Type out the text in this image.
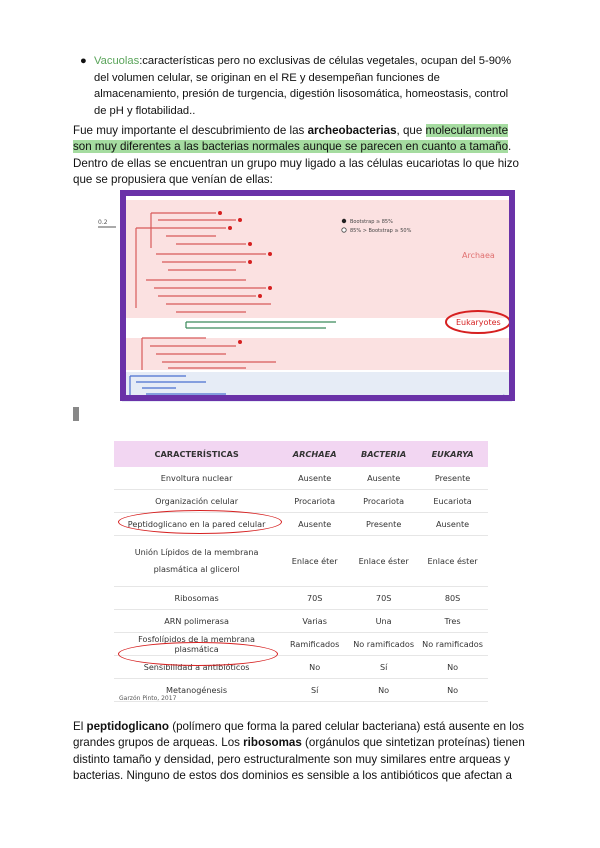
● Vacuolas:características pero no exclusivas de células vegetales, ocupan del 5-90% del volumen celular, se originan en el RE y desempeñan funciones de almacenamiento, presión de turgencia, digestión lisosomática, homeostasis, control de pH y flotabilidad..
Fue muy importante el descubrimiento de las archeobacterias, que molecularmente son muy diferentes a las bacterias normales aunque se parecen en cuanto a tamaño. Dentro de ellas se encuentran un grupo muy ligado a las células eucariotas lo que hizo que se propusiera que venían de ellas:
0.2	Bootstrap ≥ 85%
85% > Bootstrap ≥ 50%
Archaea
Eukaryotes
Bacteria
CARACTERÍSTICAS	ARCHAEA	BACTERIA	EUKARYA
Envoltura nuclear	Ausente	Ausente	Presente
Organización celular	Procariota	Procariota	Eucariota
Peptidoglicano en la pared celular	Ausente	Presente	Ausente
Unión Lípidos de la membrana plasmática al glicerol	Enlace éter	Enlace éster	Enlace éster
Ribosomas	70S	70S	80S
ARN polimerasa	Varias	Una	Tres
Fosfolípidos de la membrana plasmática	Ramificados	No ramificados	No ramificados
Sensibilidad a antibióticos	No	Sí	No
Metanogénesis	Sí	No	No
Garzón Pinto, 2017
El peptidoglicano (polímero que forma la pared celular bacteriana) está ausente en los grandes grupos de arqueas. Los ribosomas (orgánulos que sintetizan proteínas) tienen distinto tamaño y densidad, pero estructuralmente son muy similares entre arqueas y bacterias. Ninguno de estos dos dominios es sensible a los antibióticos que afectan a
